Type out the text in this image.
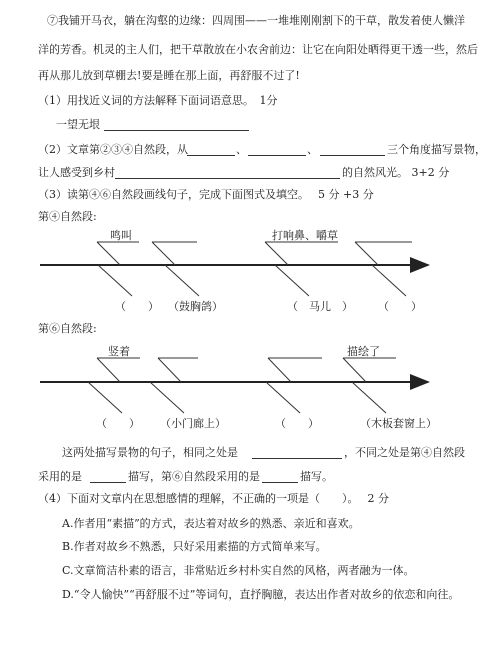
⑦我铺开马衣，躺在沟壑的边缘：四周围——一堆堆刚刚割下的干草，散发着使人懒洋
洋的芳香。机灵的主人们，把干草散放在小农舍前边：让它在向阳处晒得更干透一些，然后
再从那儿放到草棚去!要是睡在那上面，再舒服不过了!
（1）用找近义词的方法解释下面词语意思。　1分
一望无垠
（2）文章第②③④自然段，从	、	、	三个角度描写景物，
让人感受到乡村	的自然风光。 3+2 分
（3）读第④⑥自然段画线句子，完成下面图式及填空。　 5 分 +3 分
第④自然段:
鸣叫	打响鼻、嚼草
（　　） （鼓胸鸽）	（　马儿　） （　　）
第⑥自然段:
竖着	描绘了
（　　） （小门廊上）	（　　）	（木板套窗上）
这两处描写景物的句子，相同之处是	，不同之处是第④自然段
采用的是	描写，第⑥自然段采用的是	描写。
（4）下面对文章内在思想感情的理解，不正确的一项是（　　）。　 2 分
A.作者用“素描”的方式，表达着对故乡的熟悉、亲近和喜欢。
B.作者对故乡不熟悉，只好采用素描的方式简单来写。
C.文章简洁朴素的语言，非常贴近乡村朴实自然的风格，两者融为一体。
D.“令人愉快”“再舒服不过”等词句，直抒胸臆，表达出作者对故乡的依恋和向往。
